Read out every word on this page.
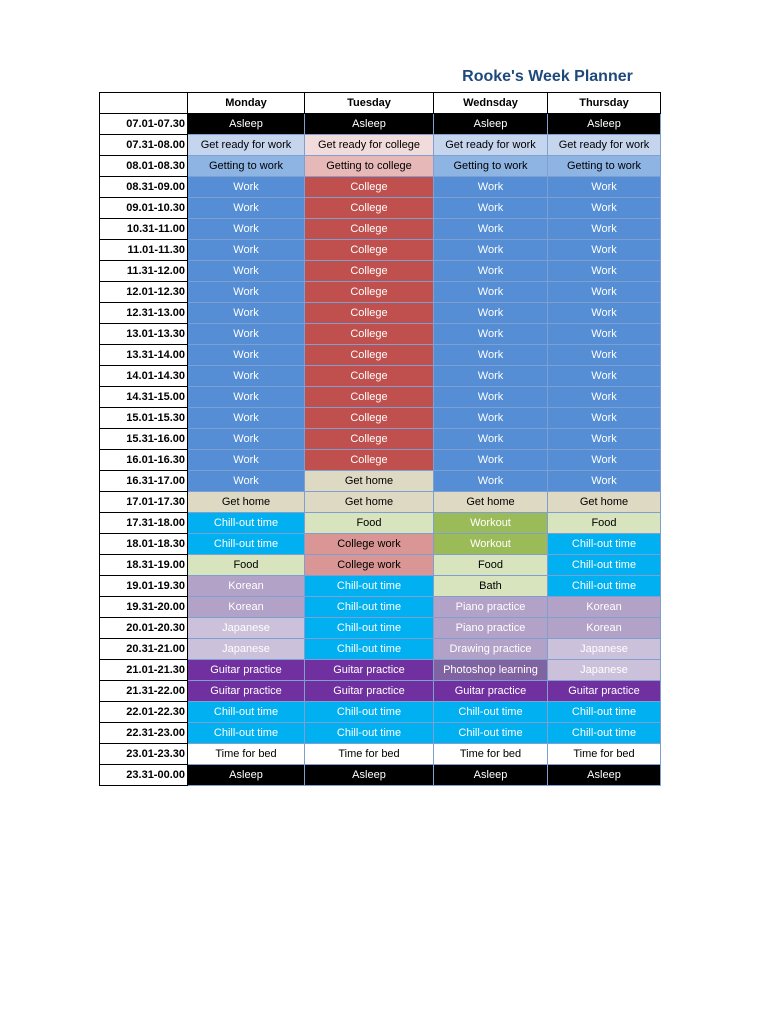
Rooke's Week Planner
	Monday	Tuesday	Wednsday	Thursday
07.01-07.30	Asleep	Asleep	Asleep	Asleep
07.31-08.00	Get ready for work	Get ready for college	Get ready for work	Get ready for work
08.01-08.30	Getting to work	Getting to college	Getting to work	Getting to work
08.31-09.00	Work	College	Work	Work
09.01-10.30	Work	College	Work	Work
10.31-11.00	Work	College	Work	Work
11.01-11.30	Work	College	Work	Work
11.31-12.00	Work	College	Work	Work
12.01-12.30	Work	College	Work	Work
12.31-13.00	Work	College	Work	Work
13.01-13.30	Work	College	Work	Work
13.31-14.00	Work	College	Work	Work
14.01-14.30	Work	College	Work	Work
14.31-15.00	Work	College	Work	Work
15.01-15.30	Work	College	Work	Work
15.31-16.00	Work	College	Work	Work
16.01-16.30	Work	College	Work	Work
16.31-17.00	Work	Get home	Work	Work
17.01-17.30	Get home	Get home	Get home	Get home
17.31-18.00	Chill-out time	Food	Workout	Food
18.01-18.30	Chill-out time	College work	Workout	Chill-out time
18.31-19.00	Food	College work	Food	Chill-out time
19.01-19.30	Korean	Chill-out time	Bath	Chill-out time
19.31-20.00	Korean	Chill-out time	Piano practice	Korean
20.01-20.30	Japanese	Chill-out time	Piano practice	Korean
20.31-21.00	Japanese	Chill-out time	Drawing practice	Japanese
21.01-21.30	Guitar practice	Guitar practice	Photoshop learning	Japanese
21.31-22.00	Guitar practice	Guitar practice	Guitar practice	Guitar practice
22.01-22.30	Chill-out time	Chill-out time	Chill-out time	Chill-out time
22.31-23.00	Chill-out time	Chill-out time	Chill-out time	Chill-out time
23.01-23.30	Time for bed	Time for bed	Time for bed	Time for bed
23.31-00.00	Asleep	Asleep	Asleep	Asleep
